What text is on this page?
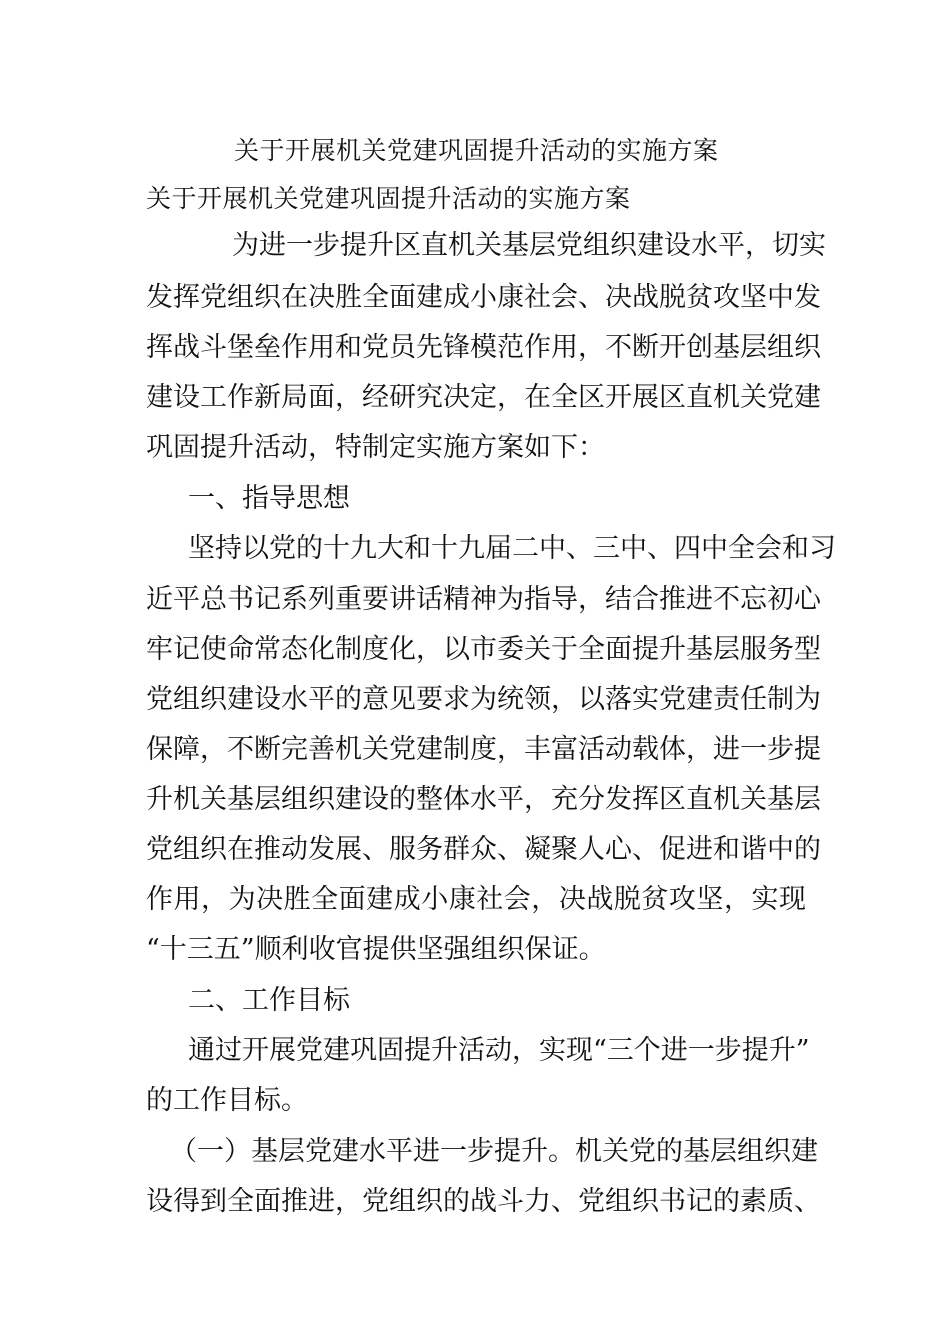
关于开展机关党建巩固提升活动的实施方案
关于开展机关党建巩固提升活动的实施方案
为进一步提升区直机关基层党组织建设水平，切实
发挥党组织在决胜全面建成小康社会、决战脱贫攻坚中发
挥战斗堡垒作用和党员先锋模范作用，不断开创基层组织
建设工作新局面，经研究决定，在全区开展区直机关党建
巩固提升活动，特制定实施方案如下：
一、指导思想
坚持以党的十九大和十九届二中、三中、四中全会和习
近平总书记系列重要讲话精神为指导，结合推进不忘初心
牢记使命常态化制度化，以市委关于全面提升基层服务型
党组织建设水平的意见要求为统领，以落实党建责任制为
保障，不断完善机关党建制度，丰富活动载体，进一步提
升机关基层组织建设的整体水平，充分发挥区直机关基层
党组织在推动发展、服务群众、凝聚人心、促进和谐中的
作用，为决胜全面建成小康社会，决战脱贫攻坚，实现
“十三五”顺利收官提供坚强组织保证。
二、工作目标
通过开展党建巩固提升活动，实现“三个进一步提升”
的工作目标。
（一）基层党建水平进一步提升。机关党的基层组织建
设得到全面推进，党组织的战斗力、党组织书记的素质、
